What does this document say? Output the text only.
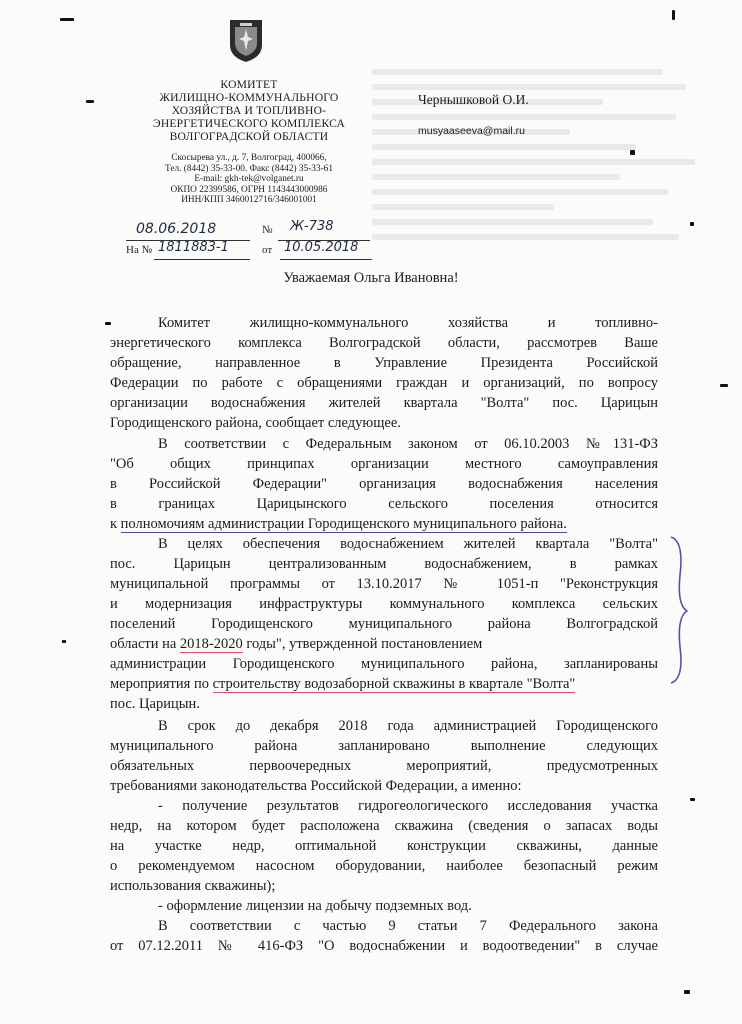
КОМИТЕТ
ЖИЛИЩНО-КОММУНАЛЬНОГО
ХОЗЯЙСТВА И ТОПЛИВНО-
ЭНЕРГЕТИЧЕСКОГО КОМПЛЕКСА
ВОЛГОГРАДСКОЙ ОБЛАСТИ
Скосырева ул., д. 7, Волгоград, 400066,
Тел. (8442) 35-33-00. Факс (8442) 35-33-61
E-mail: gkh-tek@volganet.ru
ОКПО 22399586, ОГРН 1143443000986
ИНН/КПП 3460012716/346001001
Чернышковой О.И.
musyaaseeva@mail.ru
08.06.2018	№ Ж-738
На № 1811883-1	от 10.05.2018
Уважаемая Ольга Ивановна!
Комитет жилищно-коммунального хозяйства и топливно-
энергетического комплекса Волгоградской области, рассмотрев Ваше
обращение, направленное в Управление Президента Российской
Федерации по работе с обращениями граждан и организаций, по вопросу
организации водоснабжения жителей квартала "Волта" пос. Царицын
Городищенского района, сообщает следующее.
В соответствии с Федеральным законом от 06.10.2003 №131-ФЗ
"Об общих принципах организации местного самоуправления
в Российской Федерации" организация водоснабжения населения
в границах Царицынского сельского поселения относится
к полномочиям администрации Городищенского муниципального района.
В целях обеспечения водоснабжением жителей квартала "Волта"
пос. Царицын централизованным водоснабжением, в рамках
муниципальной программы от 13.10.2017 № 1051-п "Реконструкция
и модернизация инфраструктуры коммунального комплекса сельских
поселений Городищенского муниципального района Волгоградской
области на 2018-2020 годы", утвержденной постановлением
администрации Городищенского муниципального района, запланированы
мероприятия по строительству водозаборной скважины в квартале "Волта"
пос. Царицын.
В срок до декабря 2018 года администрацией Городищенского
муниципального района запланировано выполнение следующих
обязательных первоочередных мероприятий, предусмотренных
требованиями законодательства Российской Федерации, а именно:
- получение результатов гидрогеологического исследования участка
недр, на котором будет расположена скважина (сведения о запасах воды
на участке недр, оптимальной конструкции скважины, данные
о рекомендуемом насосном оборудовании, наиболее безопасный режим
использования скважины);
- оформление лицензии на добычу подземных вод.
В соответствии с частью 9 статьи 7 Федерального закона
от 07.12.2011 № 416-ФЗ "О водоснабжении и водоотведении" в случае
